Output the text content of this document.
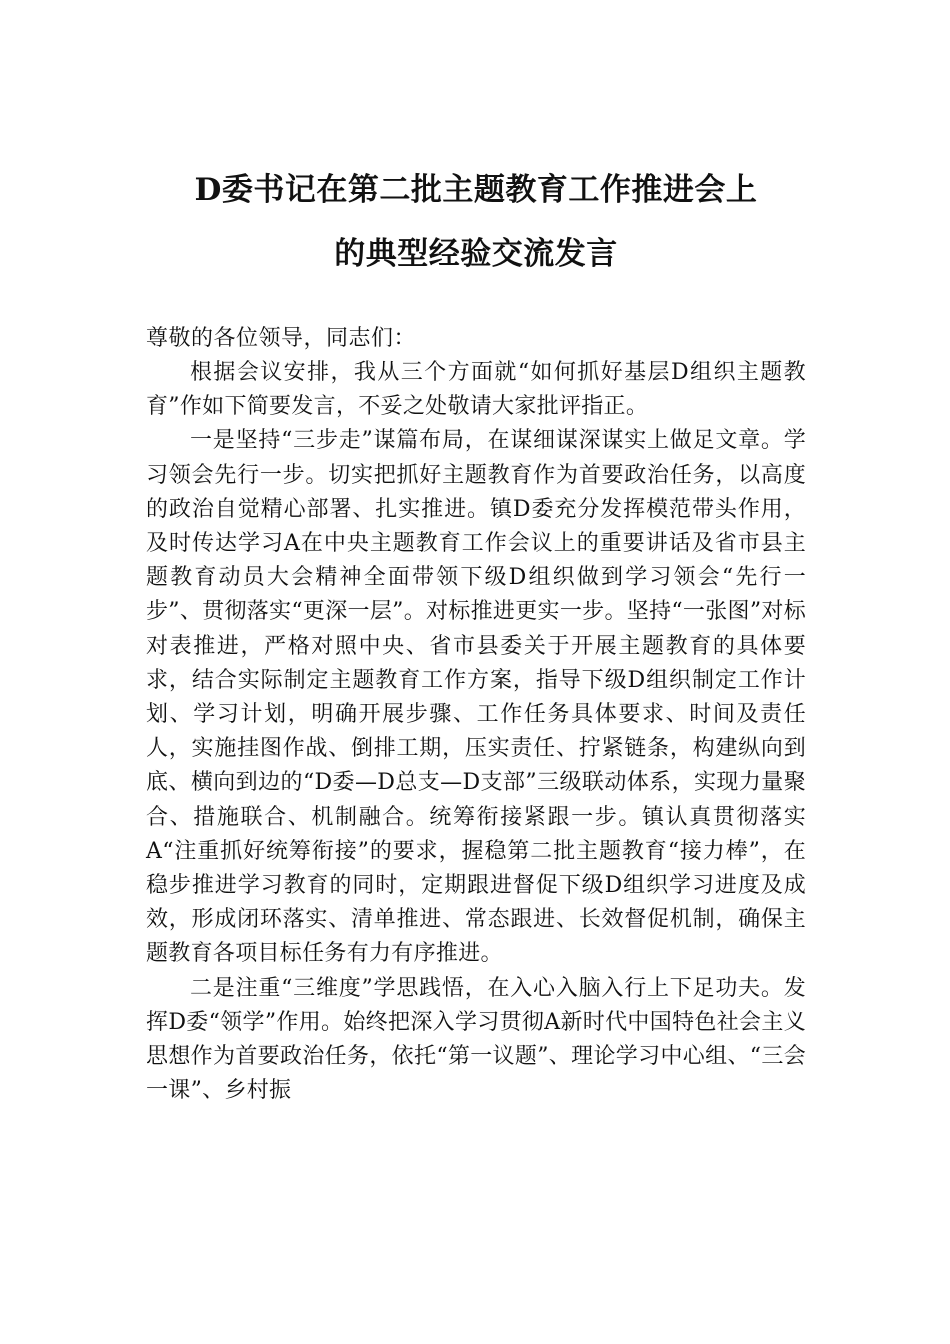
D委书记在第二批主题教育工作推进会上
的典型经验交流发言

尊敬的各位领导，同志们：

根据会议安排，我从三个方面就“如何抓好基层D组织主题教育”作如下简要发言，不妥之处敬请大家批评指正。

一是坚持“三步走”谋篇布局，在谋细谋深谋实上做足文章。学习领会先行一步。切实把抓好主题教育作为首要政治任务，以高度的政治自觉精心部署、扎实推进。镇D委充分发挥模范带头作用，及时传达学习A在中央主题教育工作会议上的重要讲话及省市县主题教育动员大会精神全面带领下级D组织做到学习领会“先行一步”、贯彻落实“更深一层”。对标推进更实一步。坚持“一张图”对标对表推进，严格对照中央、省市县委关于开展主题教育的具体要求，结合实际制定主题教育工作方案，指导下级D组织制定工作计划、学习计划，明确开展步骤、工作任务具体要求、时间及责任人，实施挂图作战、倒排工期，压实责任、拧紧链条，构建纵向到底、横向到边的“D委—D总支—D支部”三级联动体系，实现力量聚合、措施联合、机制融合。统筹衔接紧跟一步。镇认真贯彻落实A“注重抓好统筹衔接”的要求，握稳第二批主题教育“接力棒”，在稳步推进学习教育的同时，定期跟进督促下级D组织学习进度及成效，形成闭环落实、清单推进、常态跟进、长效督促机制，确保主题教育各项目标任务有力有序推进。

二是注重“三维度”学思践悟，在入心入脑入行上下足功夫。发挥D委“领学”作用。始终把深入学习贯彻A新时代中国特色社会主义思想作为首要政治任务，依托“第一议题”、理论学习中心组、“三会一课”、乡村振
